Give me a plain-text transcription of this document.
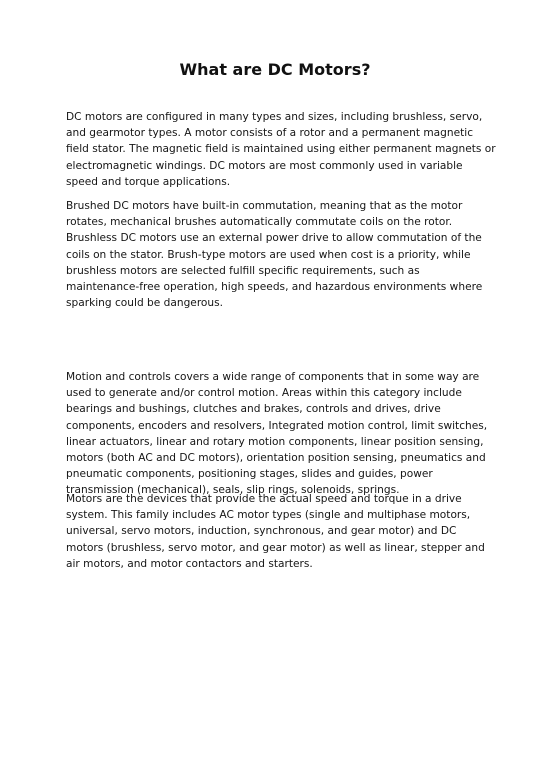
What are DC Motors?

DC motors are configured in many types and sizes, including brushless, servo, and gearmotor types. A motor consists of a rotor and a permanent magnetic field stator. The magnetic field is maintained using either permanent magnets or electromagnetic windings. DC motors are most commonly used in variable speed and torque applications.

Brushed DC motors have built-in commutation, meaning that as the motor rotates, mechanical brushes automatically commutate coils on the rotor. Brushless DC motors use an external power drive to allow commutation of the coils on the stator. Brush-type motors are used when cost is a priority, while brushless motors are selected fulfill specific requirements, such as maintenance-free operation, high speeds, and hazardous environments where sparking could be dangerous.

Motion and controls covers a wide range of components that in some way are used to generate and/or control motion. Areas within this category include bearings and bushings, clutches and brakes, controls and drives, drive components, encoders and resolvers, Integrated motion control, limit switches, linear actuators, linear and rotary motion components, linear position sensing, motors (both AC and DC motors), orientation position sensing, pneumatics and pneumatic components, positioning stages, slides and guides, power transmission (mechanical), seals, slip rings, solenoids, springs.

Motors are the devices that provide the actual speed and torque in a drive system. This family includes AC motor types (single and multiphase motors, universal, servo motors, induction, synchronous, and gear motor) and DC motors (brushless, servo motor, and gear motor) as well as linear, stepper and air motors, and motor contactors and starters.
